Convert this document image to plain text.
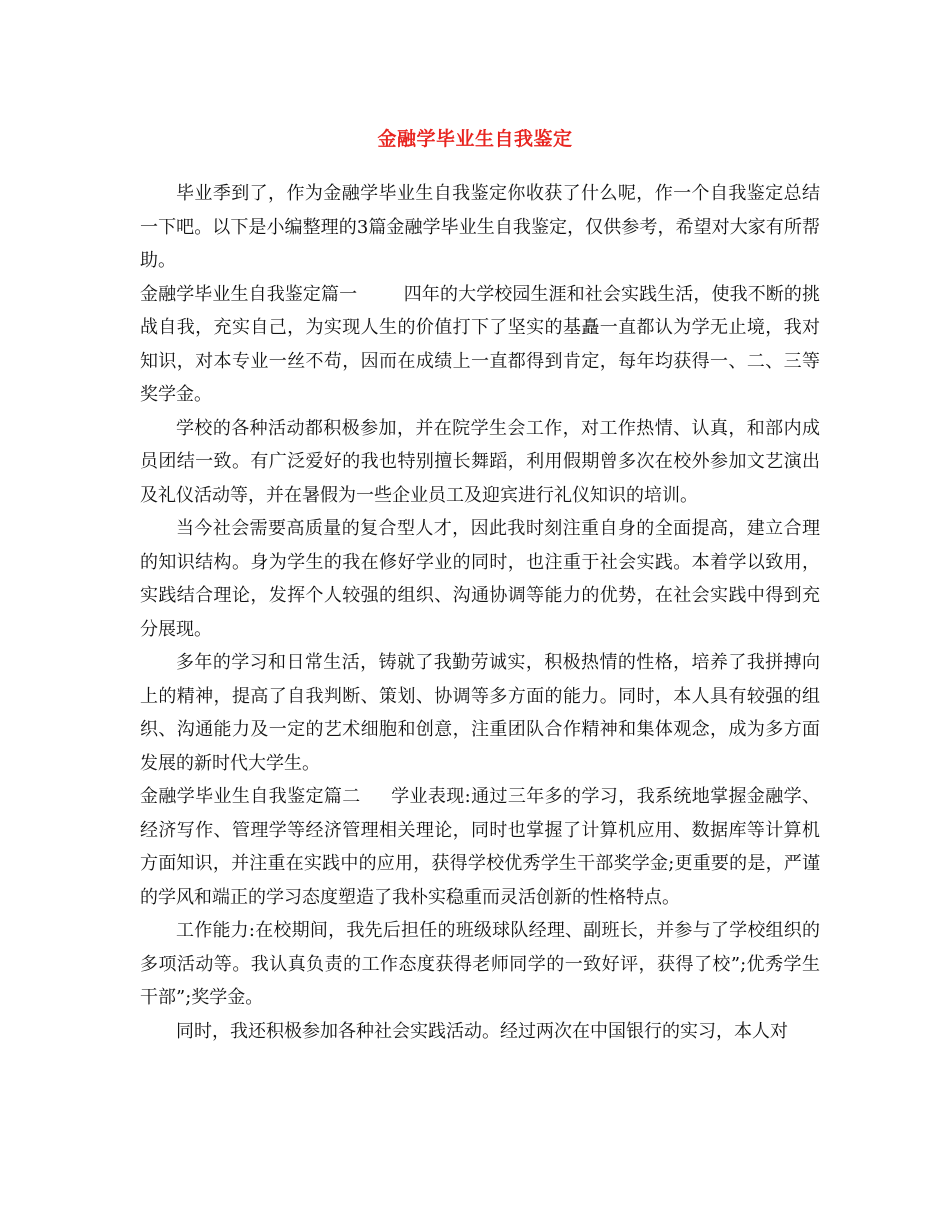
金融学毕业生自我鉴定

毕业季到了，作为金融学毕业生自我鉴定你收获了什么呢，作一个自我鉴定总结一下吧。以下是小编整理的3篇金融学毕业生自我鉴定，仅供参考，希望对大家有所帮助。

金融学毕业生自我鉴定篇一	四年的大学校园生涯和社会实践生活，使我不断的挑战自我，充实自己，为实现人生的价值打下了坚实的基矗一直都认为学无止境，我对知识，对本专业一丝不苟，因而在成绩上一直都得到肯定，每年均获得一、二、三等奖学金。

学校的各种活动都积极参加，并在院学生会工作，对工作热情、认真，和部内成员团结一致。有广泛爱好的我也特别擅长舞蹈，利用假期曾多次在校外参加文艺演出及礼仪活动等，并在暑假为一些企业员工及迎宾进行礼仪知识的培训。

当今社会需要高质量的复合型人才，因此我时刻注重自身的全面提高，建立合理的知识结构。身为学生的我在修好学业的同时，也注重于社会实践。本着学以致用，实践结合理论，发挥个人较强的组织、沟通协调等能力的优势，在社会实践中得到充分展现。

多年的学习和日常生活，铸就了我勤劳诚实，积极热情的性格，培养了我拼搏向上的精神，提高了自我判断、策划、协调等多方面的能力。同时，本人具有较强的组织、沟通能力及一定的艺术细胞和创意，注重团队合作精神和集体观念，成为多方面发展的新时代大学生。

金融学毕业生自我鉴定篇二 学业表现:通过三年多的学习，我系统地掌握金融学、经济写作、管理学等经济管理相关理论，同时也掌握了计算机应用、数据库等计算机方面知识，并注重在实践中的应用，获得学校优秀学生干部奖学金;更重要的是，严谨的学风和端正的学习态度塑造了我朴实稳重而灵活创新的性格特点。

工作能力:在校期间，我先后担任的班级球队经理、副班长，并参与了学校组织的多项活动等。我认真负责的工作态度获得老师同学的一致好评，获得了校”;优秀学生干部”;奖学金。

同时，我还积极参加各种社会实践活动。经过两次在中国银行的实习，本人对
